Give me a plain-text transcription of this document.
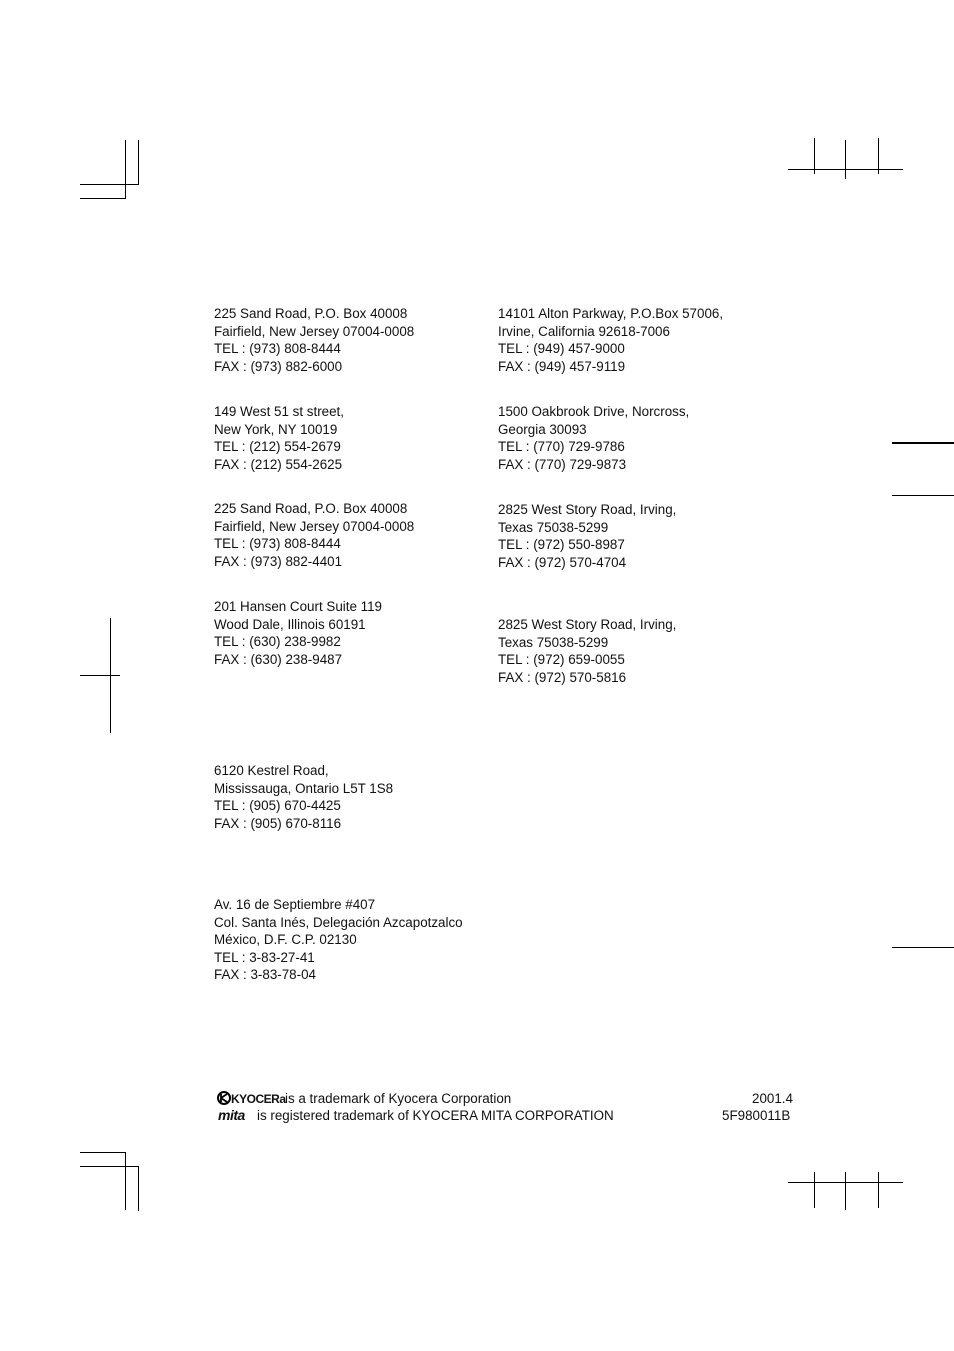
225 Sand Road, P.O. Box 40008
Fairfield, New Jersey 07004-0008
TEL : (973) 808-8444
FAX : (973) 882-6000
14101 Alton Parkway, P.O.Box 57006,
Irvine, California 92618-7006
TEL : (949) 457-9000
FAX : (949) 457-9119
149 West 51 st street,
New York, NY 10019
TEL : (212) 554-2679
FAX : (212) 554-2625
1500 Oakbrook Drive, Norcross,
Georgia 30093
TEL : (770) 729-9786
FAX : (770) 729-9873
225 Sand Road, P.O. Box 40008
Fairfield, New Jersey 07004-0008
TEL : (973) 808-8444
FAX : (973) 882-4401
2825 West Story Road, Irving,
Texas 75038-5299
TEL : (972) 550-8987
FAX : (972) 570-4704
201 Hansen Court Suite 119
Wood Dale, Illinois 60191
TEL : (630) 238-9982
FAX : (630) 238-9487
2825 West Story Road, Irving,
Texas 75038-5299
TEL : (972) 659-0055
FAX : (972) 570-5816
6120 Kestrel Road,
Mississauga, Ontario L5T 1S8
TEL : (905) 670-4425
FAX : (905) 670-8116
Av. 16 de Septiembre #407
Col. Santa Inés, Delegación Azcapotzalco
México, D.F. C.P. 02130
TEL : 3-83-27-41
FAX : 3-83-78-04
KYOCERa is a trademark of Kyocera Corporation
mita is registered trademark of KYOCERA MITA CORPORATION
2001.4
5F980011B
